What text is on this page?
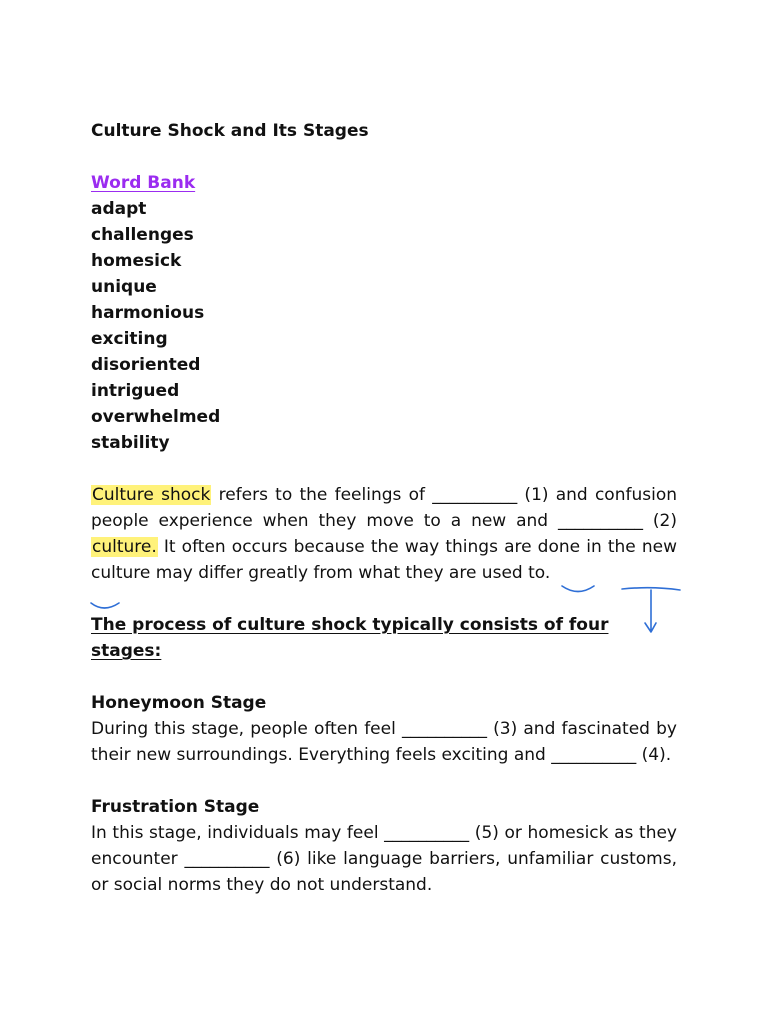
Culture Shock and Its Stages
Word Bank
adapt
challenges
homesick
unique
harmonious
exciting
disoriented
intrigued
overwhelmed
stability

Culture shock refers to the feelings of __________ (1) and confusion people experience when they move to a new and __________ (2) culture. It often occurs because the way things are done in the new culture may differ greatly from what they are used to.

The process of culture shock typically consists of four stages:
Honeymoon Stage

During this stage, people often feel __________ (3) and fascinated by their new surroundings. Everything feels exciting and __________ (4).

Frustration Stage

In this stage, individuals may feel __________ (5) or homesick as they encounter __________ (6) like language barriers, unfamiliar customs, or social norms they do not understand.
